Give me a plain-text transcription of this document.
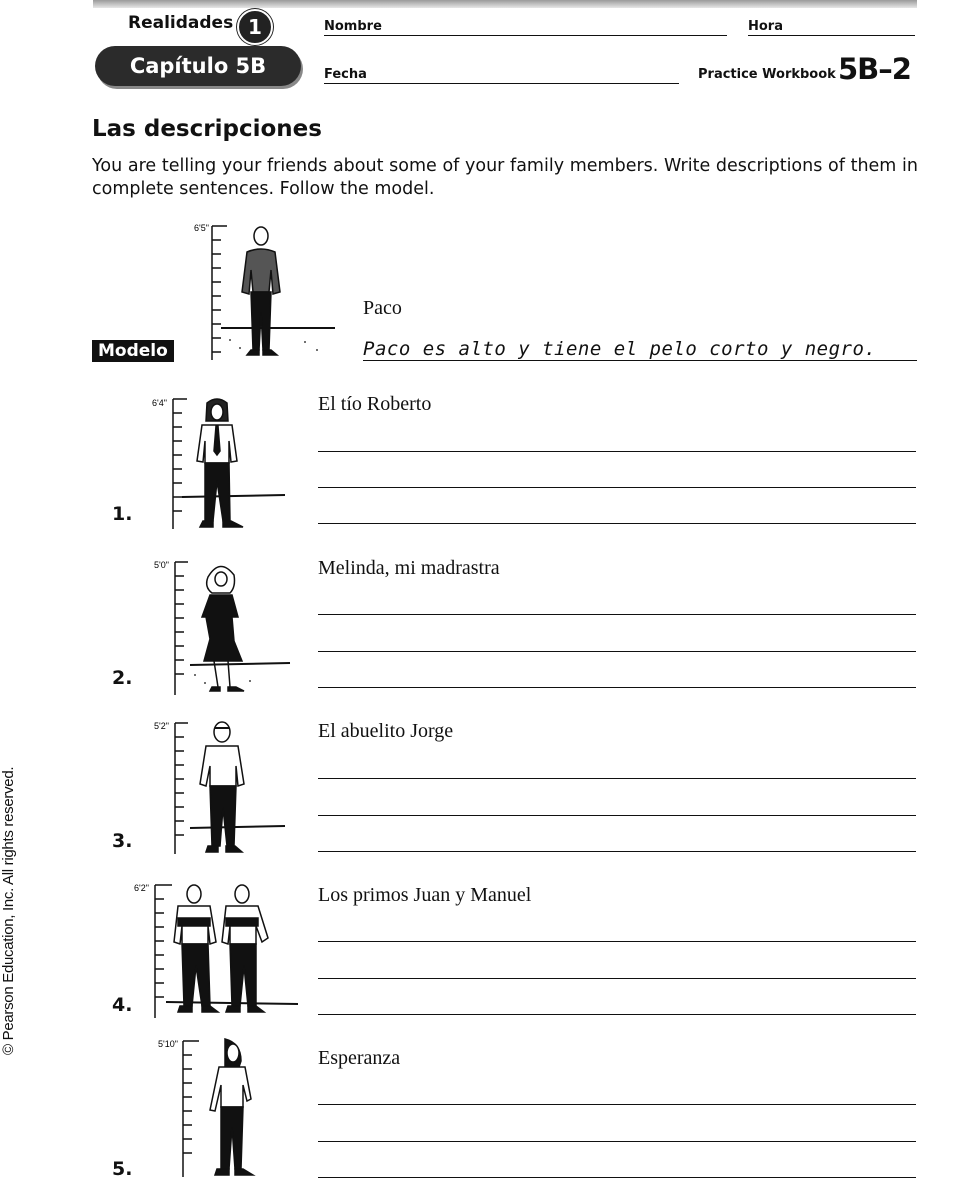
Realidades 1
Capítulo 5B
Nombre	Hora
Fecha	Practice Workbook 5B–2
Las descripciones

You are telling your friends about some of your family members. Write descriptions of them in complete sentences. Follow the model.

6'5"
Modelo
Paco
Paco es alto y tiene el pelo corto y negro.
6'4"
1.
El tío Roberto
5'0"
2.
Melinda, mi madrastra
5'2"
3.
El abuelito Jorge
6'2"
4.
Los primos Juan y Manuel
5'10"
5.
Esperanza
© Pearson Education, Inc. All rights reserved.
